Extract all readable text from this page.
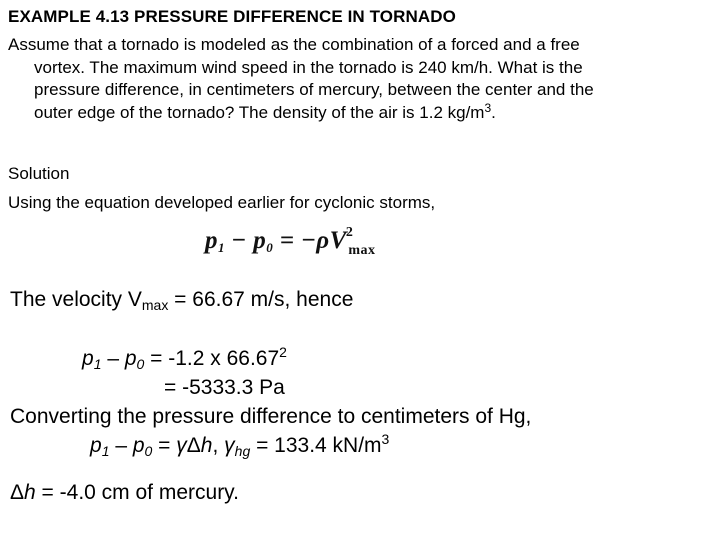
EXAMPLE 4.13 PRESSURE DIFFERENCE IN TORNADO
Assume that a tornado is modeled as the combination of a forced and a free
vortex. The maximum wind speed in the tornado is 240 km/h. What is the
pressure difference, in centimeters of mercury, between the center and the
outer edge of the tornado? The density of the air is 1.2 $kg/m^3$.
Solution
Using the equation developed earlier for cyclonic storms,
$p_1 - p_0 = -\rho V^2_{max}$
The velocity $V_{max} = 66.67$ m/s, hence
$p_1 - p_0 = -1.2$ x $66.67^2$
= -5333.3 Pa
Converting the pressure difference to centimeters of Hg,
$p_1 - p_0 = \gamma\Delta h$, $\gamma_{hg} = 133.4$ $kN/m^3$
Δh = -4.0 cm of mercury.
